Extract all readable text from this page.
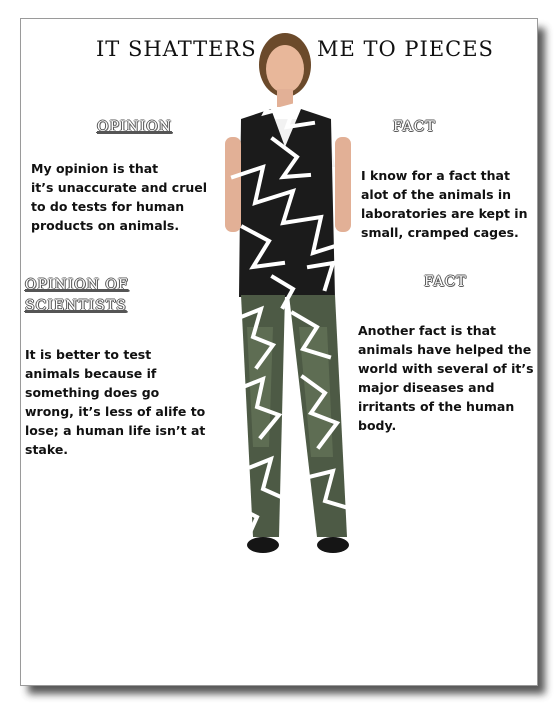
IT SHATTERS	ME TO PIECES
OPINION
My opinion is that
it’s unaccurate and cruel
to do tests for human
products on animals.
FACT
I know for a fact that
alot of the animals in
laboratories are kept in
small, cramped cages.
OPINION OF
SCIENTISTS
It is better to test
animals because if
something does go
wrong, it’s less of alife to
lose; a human life isn’t at
stake.
FACT
Another fact is that
animals have helped the
world with several of it’s
major diseases and
irritants of the human
body.
